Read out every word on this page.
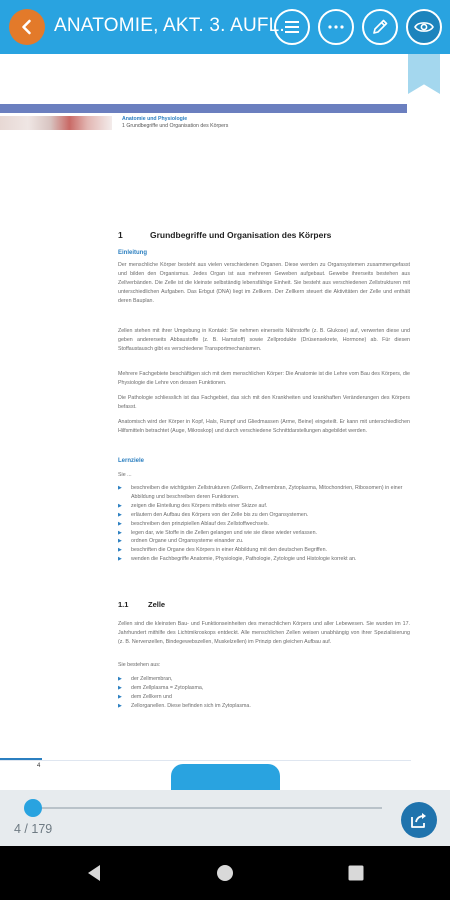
ANATOMIE, AKT. 3. AUFL.
Anatomie und Physiologie
1 Grundbegriffe und Organisation des Körpers
1	Grundbegriffe und Organisation des Körpers
Einleitung
Der menschliche Körper besteht aus vielen verschiedenen Organen. Diese werden zu Organsystemen zusammengefasst und bilden den Organismus. Jedes Organ ist aus mehreren Geweben aufgebaut. Gewebe ihrerseits bestehen aus Zellverbänden. Die Zelle ist die kleinste selbständig lebensfähige Einheit. Sie besteht aus verschiedenen Zellstrukturen mit unterschiedlichen Aufgaben. Das Erbgut (DNA) liegt im Zellkern. Der Zellkern steuert die Aktivitäten der Zelle und enthält deren Bauplan.
Zellen stehen mit ihrer Umgebung in Kontakt: Sie nehmen einerseits Nährstoffe (z. B. Glukose) auf, verwerten diese und geben andererseits Abbaustoffe (z. B. Harnstoff) sowie Zellprodukte (Drüsensekrete, Hormone) ab. Für diesen Stoffaustausch gibt es verschiedene Transportmechanismen.
Mehrere Fachgebiete beschäftigen sich mit dem menschlichen Körper: Die Anatomie ist die Lehre vom Bau des Körpers, die Physiologie die Lehre von dessen Funktionen.
Die Pathologie schliesslich ist das Fachgebiet, das sich mit den Krankheiten und krankhaften Veränderungen des Körpers befasst.
Anatomisch wird der Körper in Kopf, Hals, Rumpf und Gliedmassen (Arme, Beine) eingeteilt. Er kann mit unterschiedlichen Hilfsmitteln betrachtet (Auge, Mikroskop) und durch verschiedene Schnittdarstellungen abgebildet werden.
Lernziele
Sie ...
▶ beschreiben die wichtigsten Zellstrukturen (Zellkern, Zellmembran, Zytoplasma, Mitochondrien, Ribosomen) in einer Abbildung und beschreiben deren Funktionen.
▶ zeigen die Einteilung des Körpers mittels einer Skizze auf.
▶ erläutern den Aufbau des Körpers von der Zelle bis zu den Organsystemen.
▶ beschreiben den prinzipiellen Ablauf des Zellstoffwechsels.
▶ legen dar, wie Stoffe in die Zellen gelangen und wie sie diese wieder verlassen.
▶ ordnen Organe und Organsysteme einander zu.
▶ beschriften die Organe des Körpers in einer Abbildung mit den deutschen Begriffen.
▶ wenden die Fachbegriffe Anatomie, Physiologie, Pathologie, Zytologie und Histologie korrekt an.
1.1	Zelle
Zellen sind die kleinsten Bau- und Funktionseinheiten des menschlichen Körpers und aller Lebewesen. Sie wurden im 17. Jahrhundert mithilfe des Lichtmikroskops entdeckt. Alle menschlichen Zellen weisen unabhängig von ihrer Spezialisierung (z. B. Nervenzellen, Bindegewebszellen, Muskelzellen) im Prinzip den gleichen Aufbau auf.
Sie bestehen aus:
▶ der Zellmembran,
▶ dem Zellplasma = Zytoplasma,
▶ dem Zellkern und
▶ Zellorganellen. Diese befinden sich im Zytoplasma.
4
4 / 179
